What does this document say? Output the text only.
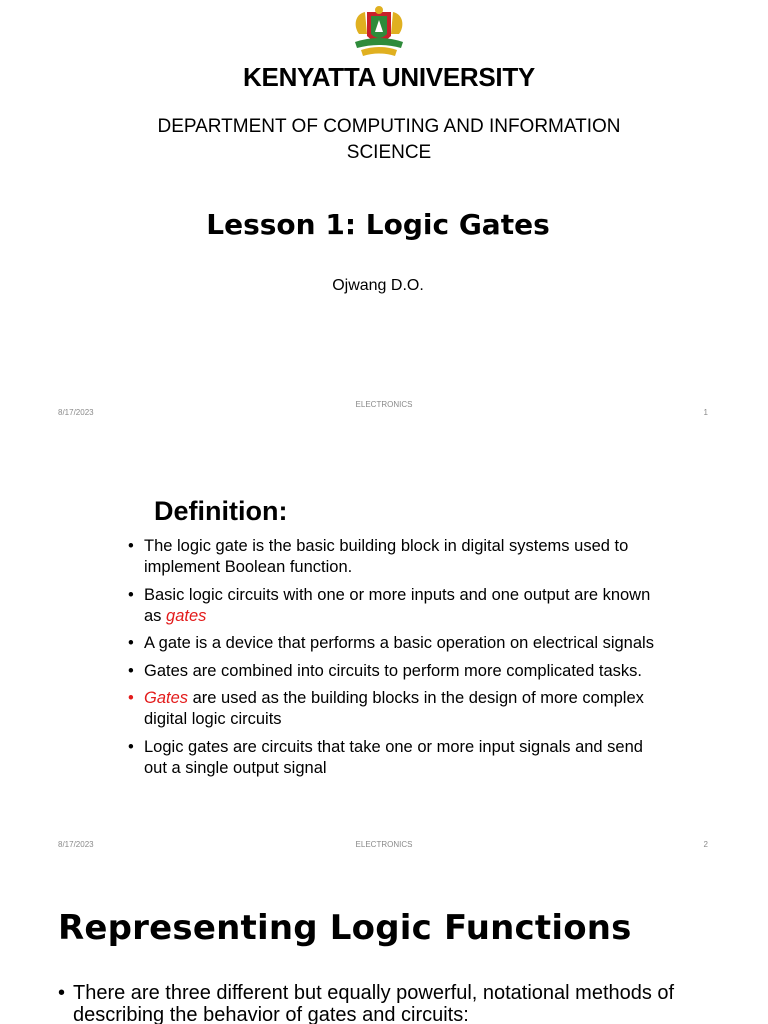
KENYATTA UNIVERSITY
DEPARTMENT OF COMPUTING AND INFORMATION SCIENCE
Lesson 1: Logic Gates
Ojwang D.O.
8/17/2023
ELECTRONICS
1
Definition:
• The logic gate is the basic building block in digital systems used to implement Boolean function.
• Basic logic circuits with one or more inputs and one output are known as gates
• A gate is a device that performs a basic operation on electrical signals
• Gates are combined into circuits to perform more complicated tasks.
• Gates are used as the building blocks in the design of more complex digital logic circuits
• Logic gates are circuits that take one or more input signals and send out a single output signal
8/17/2023	ELECTRONICS	2
Representing Logic Functions
• There are three different but equally powerful, notational methods of describing the behavior of gates and circuits:
